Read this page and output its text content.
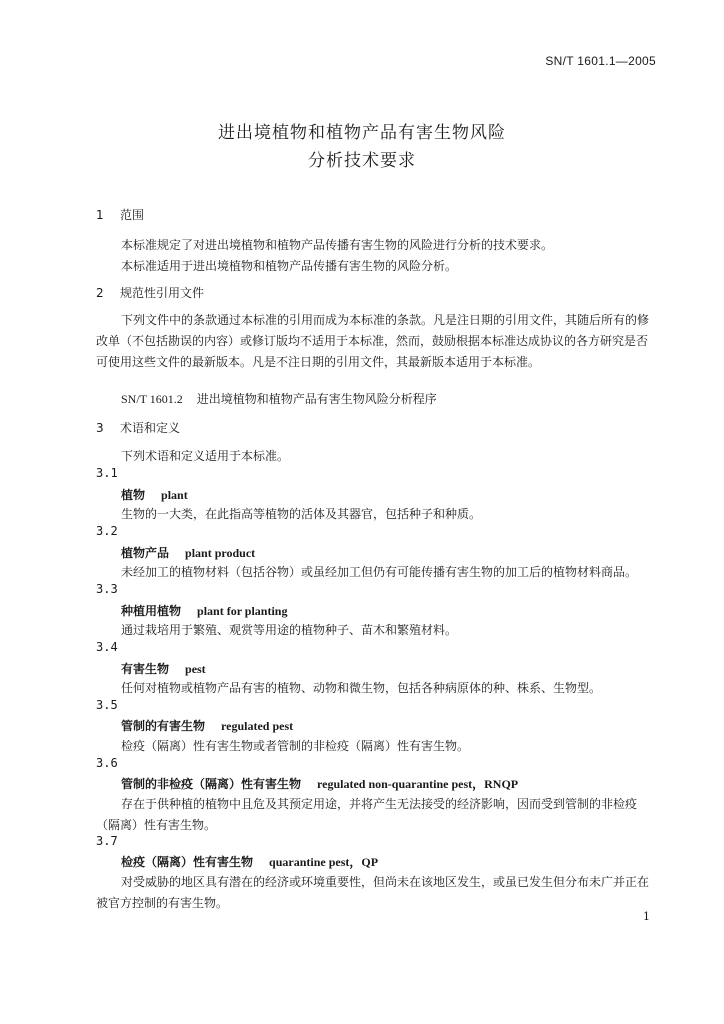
SN/T 1601.1—2005
进出境植物和植物产品有害生物风险
分析技术要求
1 范围
本标准规定了对进出境植物和植物产品传播有害生物的风险进行分析的技术要求。
本标准适用于进出境植物和植物产品传播有害生物的风险分析。
2 规范性引用文件
下列文件中的条款通过本标准的引用而成为本标准的条款。凡是注日期的引用文件，其随后所有的修改单（不包括勘误的内容）或修订版均不适用于本标准，然而，鼓励根据本标准达成协议的各方研究是否可使用这些文件的最新版本。凡是不注日期的引用文件，其最新版本适用于本标准。
SN/T 1601.2 进出境植物和植物产品有害生物风险分析程序
3 术语和定义
下列术语和定义适用于本标准。
3.1
植物 plant
生物的一大类，在此指高等植物的活体及其器官，包括种子和种质。
3.2
植物产品 plant product
未经加工的植物材料（包括谷物）或虽经加工但仍有可能传播有害生物的加工后的植物材料商品。
3.3
种植用植物 plant for planting
通过栽培用于繁殖、观赏等用途的植物种子、苗木和繁殖材料。
3.4
有害生物 pest
任何对植物或植物产品有害的植物、动物和微生物，包括各种病原体的种、株系、生物型。
3.5
管制的有害生物 regulated pest
检疫（隔离）性有害生物或者管制的非检疫（隔离）性有害生物。
3.6
管制的非检疫（隔离）性有害生物 regulated non-quarantine pest，RNQP
存在于供种植的植物中且危及其预定用途，并将产生无法接受的经济影响，因而受到管制的非检疫（隔离）性有害生物。
3.7
检疫（隔离）性有害生物 quarantine pest，QP
对受威胁的地区具有潜在的经济或环境重要性，但尚未在该地区发生，或虽已发生但分布未广并正在被官方控制的有害生物。
1
